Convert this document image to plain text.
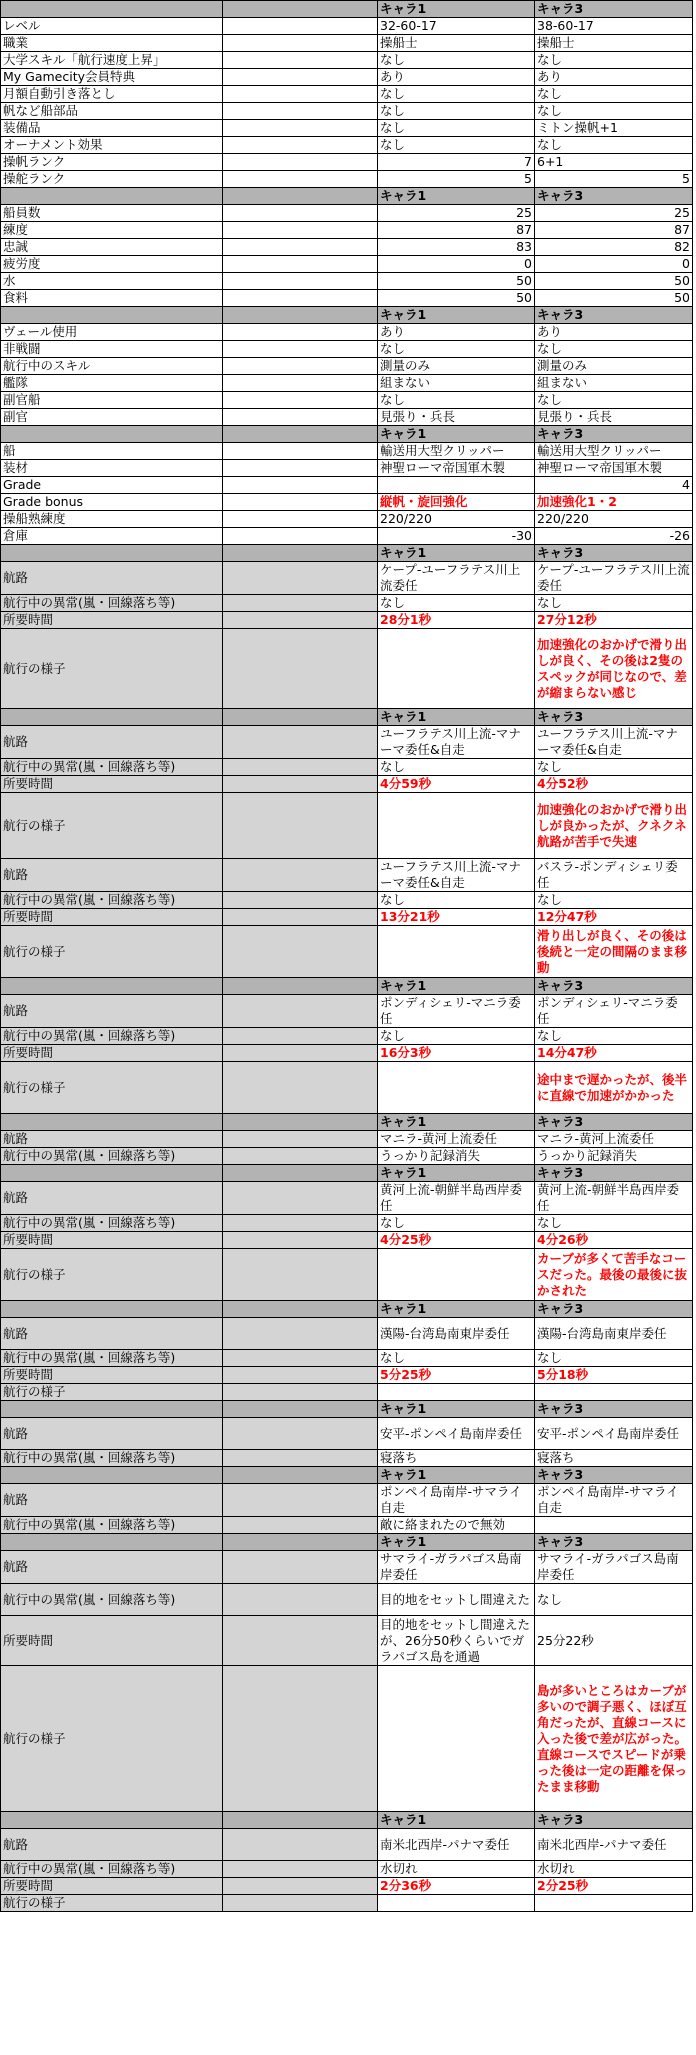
		キャラ1	キャラ3
レベル		32-60-17	38-60-17
職業		操船士	操船士
大学スキル「航行速度上昇」		なし	なし
My Gamecity会員特典		あり	あり
月額自動引き落とし		なし	なし
帆など船部品		なし	なし
装備品		なし	ミトン操帆+1
オーナメント効果		なし	なし
操帆ランク		7	6+1
操舵ランク		5	5
		キャラ1	キャラ3
船員数		25	25
練度		87	87
忠誠		83	82
疲労度		0	0
水		50	50
食料		50	50
		キャラ1	キャラ3
ヴェール使用		あり	あり
非戦闘		なし	なし
航行中のスキル		測量のみ	測量のみ
艦隊		組まない	組まない
副官船		なし	なし
副官		見張り・兵長	見張り・兵長
		キャラ1	キャラ3
船		輸送用大型クリッパー	輸送用大型クリッパー
装材		神聖ローマ帝国軍木製	神聖ローマ帝国軍木製
Grade			4
Grade bonus		縦帆・旋回強化	加速強化1・2
操船熟練度		220/220	220/220
倉庫		-30	-26
		キャラ1	キャラ3
航路		ケープ-ユーフラテス川上流委任	ケープ-ユーフラテス川上流委任
航行中の異常(嵐・回線落ち等)		なし	なし
所要時間		28分1秒	27分12秒
航行の様子			加速強化のおかげで滑り出しが良く、その後は2隻のスペックが同じなので、差が縮まらない感じ
		キャラ1	キャラ3
航路		ユーフラテス川上流-マナーマ委任&自走	ユーフラテス川上流-マナーマ委任&自走
航行中の異常(嵐・回線落ち等)		なし	なし
所要時間		4分59秒	4分52秒
航行の様子			加速強化のおかげで滑り出しが良かったが、クネクネ航路が苦手で失速
航路		ユーフラテス川上流-マナーマ委任&自走	バスラ-ポンディシェリ委任
航行中の異常(嵐・回線落ち等)		なし	なし
所要時間		13分21秒	12分47秒
航行の様子			滑り出しが良く、その後は後続と一定の間隔のまま移動
		キャラ1	キャラ3
航路		ポンディシェリ-マニラ委任	ポンディシェリ-マニラ委任
航行中の異常(嵐・回線落ち等)		なし	なし
所要時間		16分3秒	14分47秒
航行の様子			途中まで遅かったが、後半に直線で加速がかかった
		キャラ1	キャラ3
航路		マニラ-黄河上流委任	マニラ-黄河上流委任
航行中の異常(嵐・回線落ち等)		うっかり記録消失	うっかり記録消失
		キャラ1	キャラ3
航路		黄河上流-朝鮮半島西岸委任	黄河上流-朝鮮半島西岸委任
航行中の異常(嵐・回線落ち等)		なし	なし
所要時間		4分25秒	4分26秒
航行の様子			カーブが多くて苦手なコースだった。最後の最後に抜かされた
		キャラ1	キャラ3
航路		漢陽-台湾島南東岸委任	漢陽-台湾島南東岸委任
航行中の異常(嵐・回線落ち等)		なし	なし
所要時間		5分25秒	5分18秒
航行の様子			
		キャラ1	キャラ3
航路		安平-ポンペイ島南岸委任	安平-ポンペイ島南岸委任
航行中の異常(嵐・回線落ち等)		寝落ち	寝落ち
		キャラ1	キャラ3
航路		ポンペイ島南岸-サマライ自走	ポンペイ島南岸-サマライ自走
航行中の異常(嵐・回線落ち等)		敵に絡まれたので無効	
		キャラ1	キャラ3
航路		サマライ-ガラパゴス島南岸委任	サマライ-ガラパゴス島南岸委任
航行中の異常(嵐・回線落ち等)		目的地をセットし間違えた	なし
所要時間		目的地をセットし間違えたが、26分50秒くらいでガラパゴス島を通過	25分22秒
航行の様子			島が多いところはカーブが多いので調子悪く、ほぼ互角だったが、直線コースに入った後で差が広がった。直線コースでスピードが乗った後は一定の距離を保ったまま移動
		キャラ1	キャラ3
航路		南米北西岸-パナマ委任	南米北西岸-パナマ委任
航行中の異常(嵐・回線落ち等)		水切れ	水切れ
所要時間		2分36秒	2分25秒
航行の様子			
